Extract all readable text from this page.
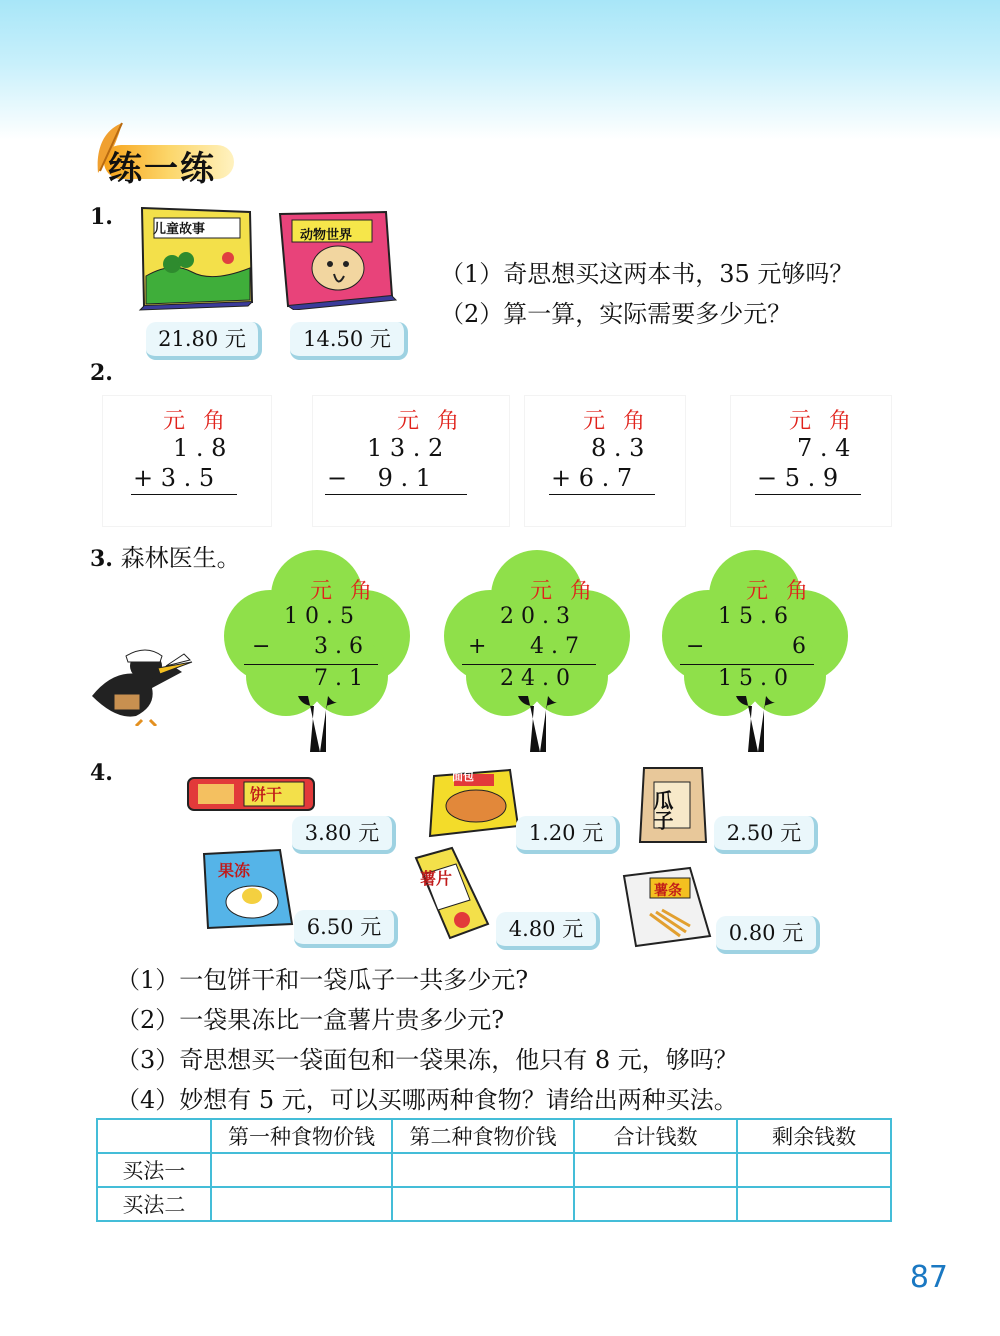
练一练
1.	儿童故事	动物世界
21.80 元	14.50 元
（1）奇思想买这两本书，35 元够吗？
（2）算一算，实际需要多少元？
2.
元角
1 . 8
+ 3 . 5
元角
1 3 . 2
−    9 . 1
元角
8 . 3
+ 6 . 7
元角
7 . 4
− 5 . 9
3. 森林医生。
元角
1 0 . 5
− 3 . 6
7 . 1
元角
2 0 . 3
+ 4 . 7
2 4 . 0
元角
1 5 . 6
−	6
1 5 . 0
4.
饼干
3.80 元
面包
1.20 元
瓜子
2.50 元
果冻
6.50 元
薯片
4.80 元
薯条
0.80 元
（1）一包饼干和一袋瓜子一共多少元?
（2）一袋果冻比一盒薯片贵多少元?
（3）奇思想买一袋面包和一袋果冻，他只有 8 元，够吗？
（4）妙想有 5 元，可以买哪两种食物？请给出两种买法。
	第一种食物价钱	第二种食物价钱	合计钱数	剩余钱数
买法一				
买法二				
87
